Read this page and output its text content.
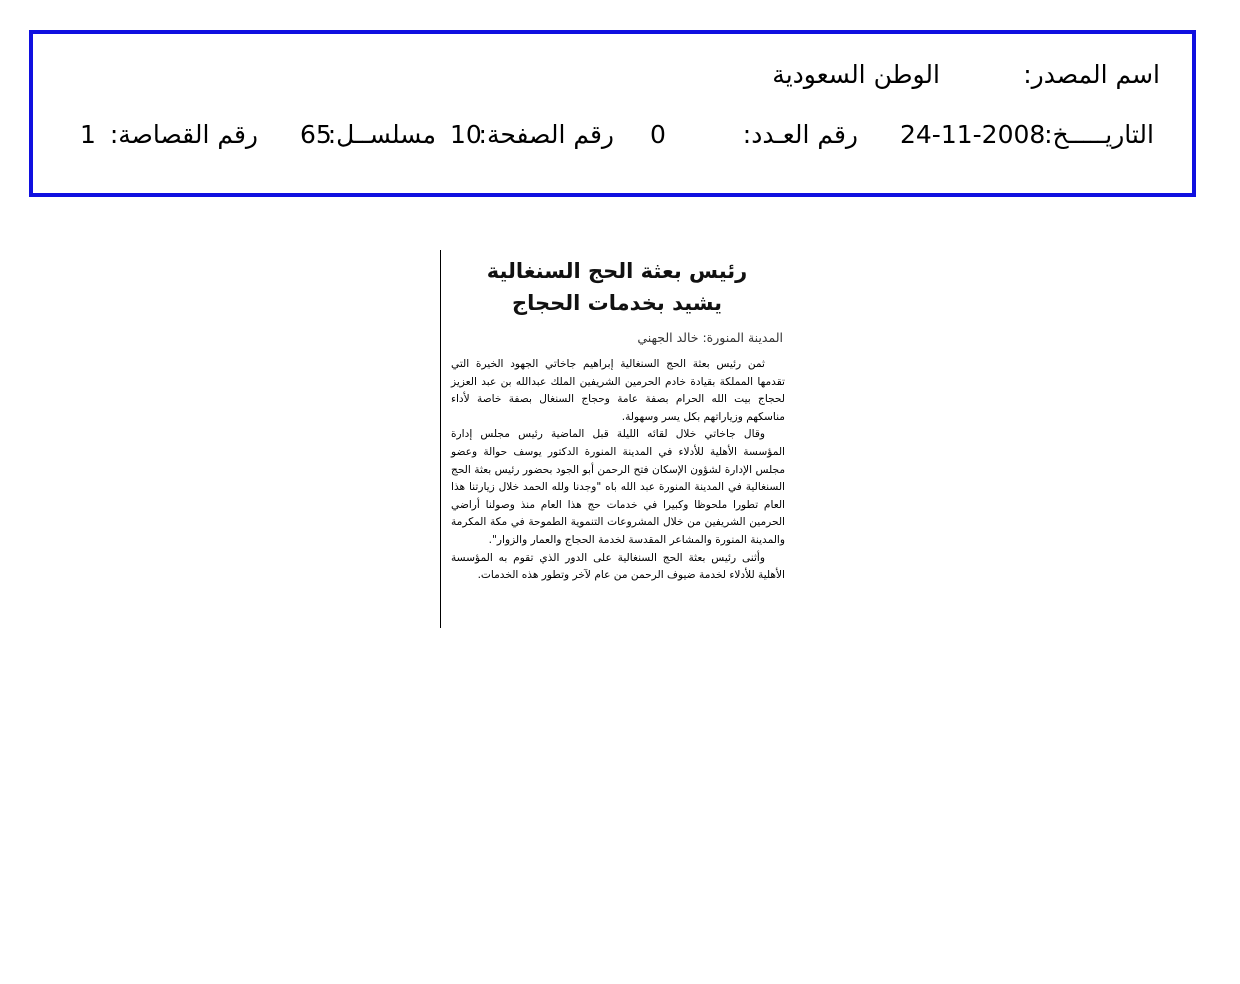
اسم المصدر:
الوطن السعودية
التاريـــــخ:
24-11-2008
رقم العـدد:
0
رقم الصفحة:
10
مسلســل:
65
رقم القصاصة:
1
رئيس بعثة الحج السنغالية
يشيد بخدمات الحجاج
المدينة المنورة: خالد الجهني

ثمن رئيس بعثة الحج السنغالية إبراهيم جاخاتي الجهود الخيرة التي تقدمها المملكة بقيادة خادم الحرمين الشريفين الملك عبدالله بن عبد العزيز لحجاج بيت الله الحرام بصفة عامة وحجاج السنغال بصفة خاصة لأداء مناسكهم وزياراتهم بكل يسر وسهولة.

وقال جاخاتي خلال لقائه الليلة قبل الماضية رئيس مجلس إدارة المؤسسة الأهلية للأدلاء في المدينة المنورة الدكتور يوسف حوالة وعضو مجلس الإدارة لشؤون الإسكان فتح الرحمن أبو الجود بحضور رئيس بعثة الحج السنغالية في المدينة المنورة عبد الله باه "وجدنا ولله الحمد خلال زيارتنا هذا العام تطورا ملحوظا وكبيرا في خدمات حج هذا العام منذ وصولنا أراضي الحرمين الشريفين من خلال المشروعات التنموية الطموحة في مكة المكرمة والمدينة المنورة والمشاعر المقدسة لخدمة الحجاج والعمار والزوار".

وأثنى رئيس بعثة الحج السنغالية على الدور الذي تقوم به المؤسسة الأهلية للأدلاء لخدمة ضيوف الرحمن من عام لآخر وتطور هذه الخدمات.
